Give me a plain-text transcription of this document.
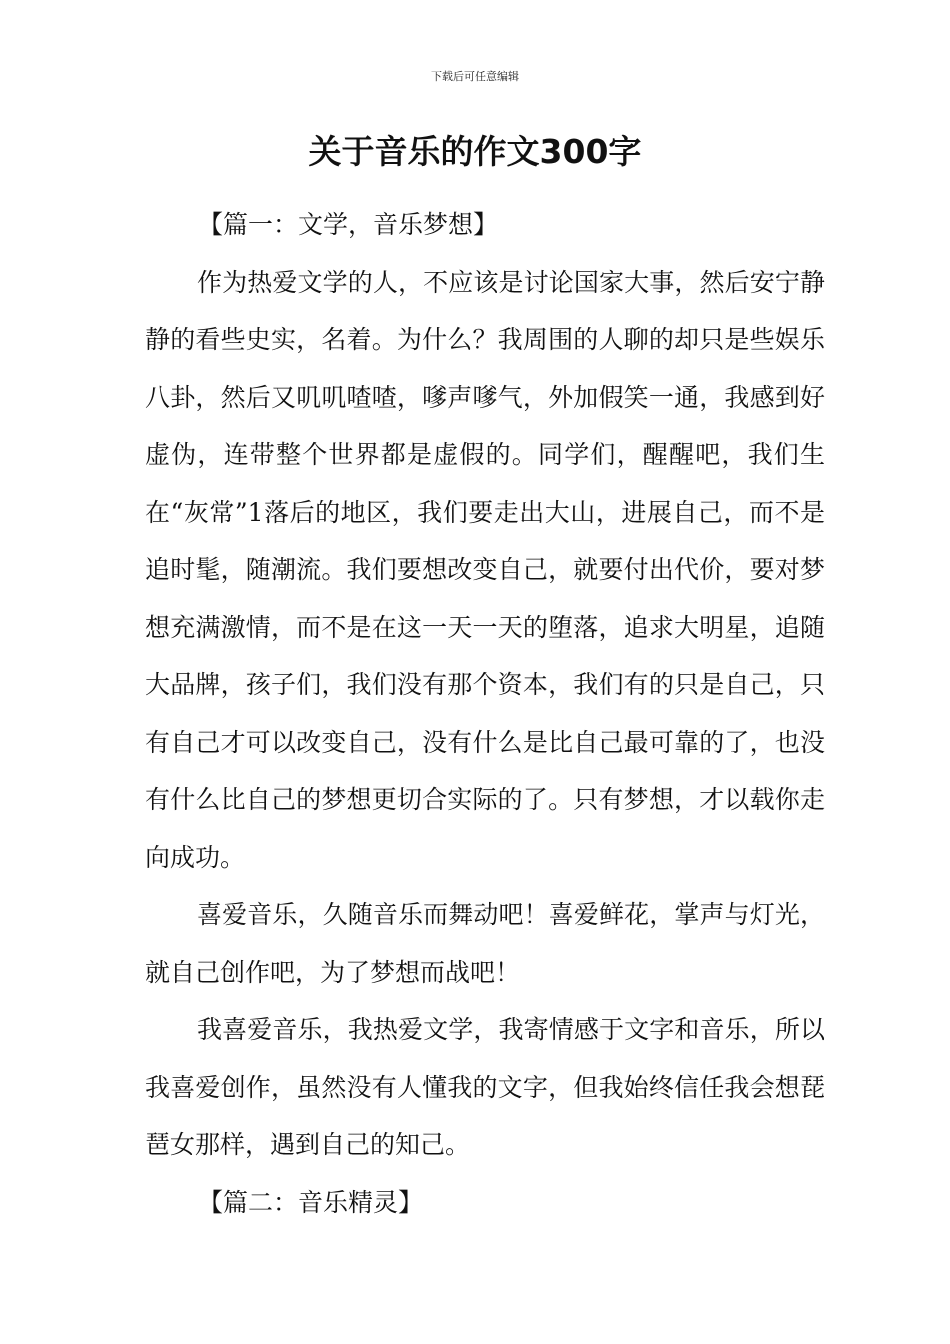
下载后可任意编辑
关于音乐的作文300字
【篇一：文学，音乐梦想】

作为热爱文学的人，不应该是讨论国家大事，然后安宁静静的看些史实，名着。为什么？我周围的人聊的却只是些娱乐八卦，然后又叽叽喳喳，嗲声嗲气，外加假笑一通，我感到好虚伪，连带整个世界都是虚假的。同学们，醒醒吧，我们生在“灰常”1落后的地区，我们要走出大山，进展自己，而不是追时髦，随潮流。我们要想改变自己，就要付出代价，要对梦想充满激情，而不是在这一天一天的堕落，追求大明星，追随大品牌，孩子们，我们没有那个资本，我们有的只是自己，只有自己才可以改变自己，没有什么是比自己最可靠的了，也没有什么比自己的梦想更切合实际的了。只有梦想，才以载你走向成功。

喜爱音乐，久随音乐而舞动吧！喜爱鲜花，掌声与灯光，就自己创作吧，为了梦想而战吧！

我喜爱音乐，我热爱文学，我寄情感于文字和音乐，所以我喜爱创作，虽然没有人懂我的文字，但我始终信任我会想琵琶女那样，遇到自己的知己。

【篇二：音乐精灵】
